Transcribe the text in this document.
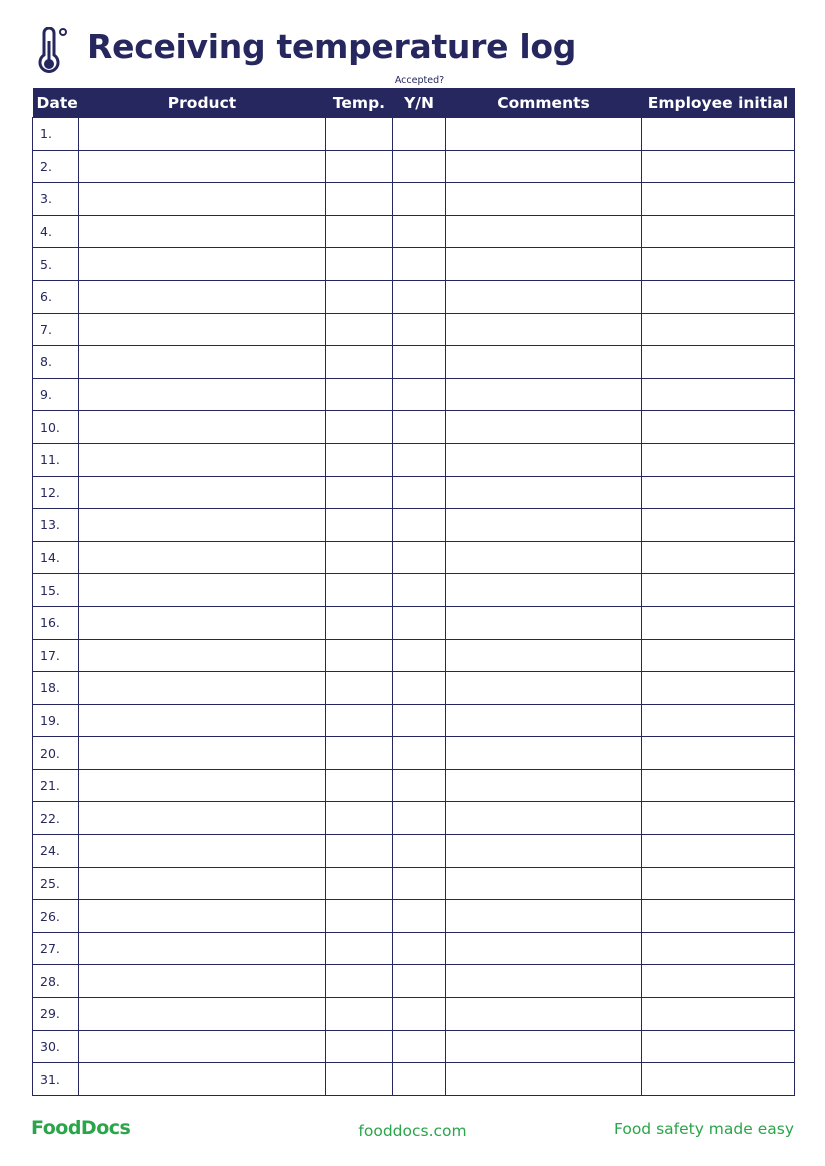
Receiving temperature log
Accepted?
Date	Product	Temp.	Y/N	Comments	Employee initial
1.					
2.					
3.					
4.					
5.					
6.					
7.					
8.					
9.					
10.					
11.					
12.					
13.					
14.					
15.					
16.					
17.					
18.					
19.					
20.					
21.					
22.					
24.					
25.					
26.					
27.					
28.					
29.					
30.					
31.					
FoodDocs	fooddocs.com	Food safety made easy
